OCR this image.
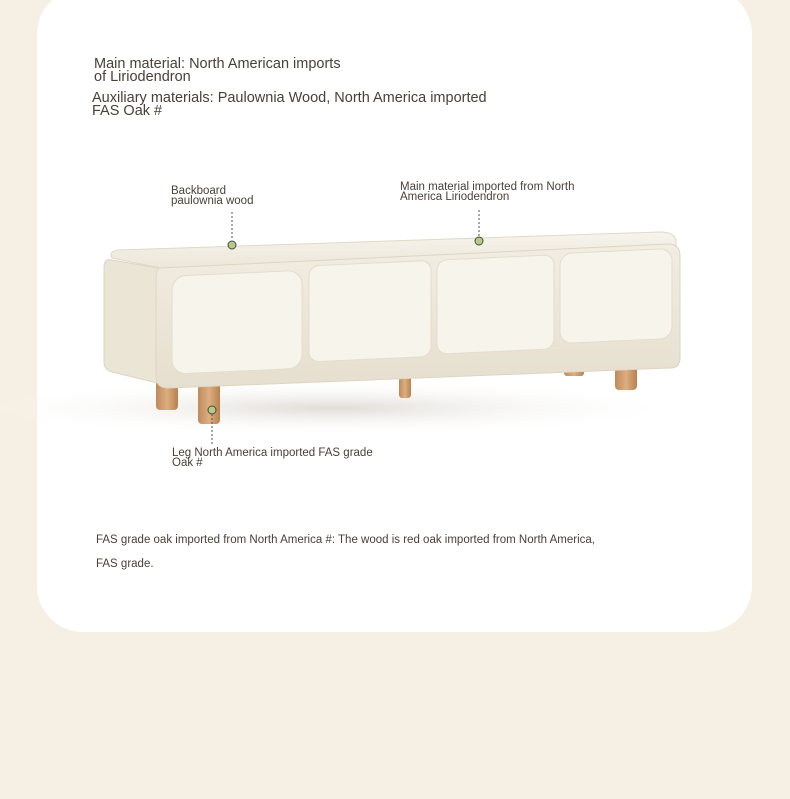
Main material: North American imports
of Liriodendron
Auxiliary materials: Paulownia Wood, North America imported
FAS Oak #
Backboard
paulownia wood
Main material imported from North
America Liriodendron
Leg North America imported FAS grade
Oak #
FAS grade oak imported from North America #: The wood is red oak imported from North America,
FAS grade.
